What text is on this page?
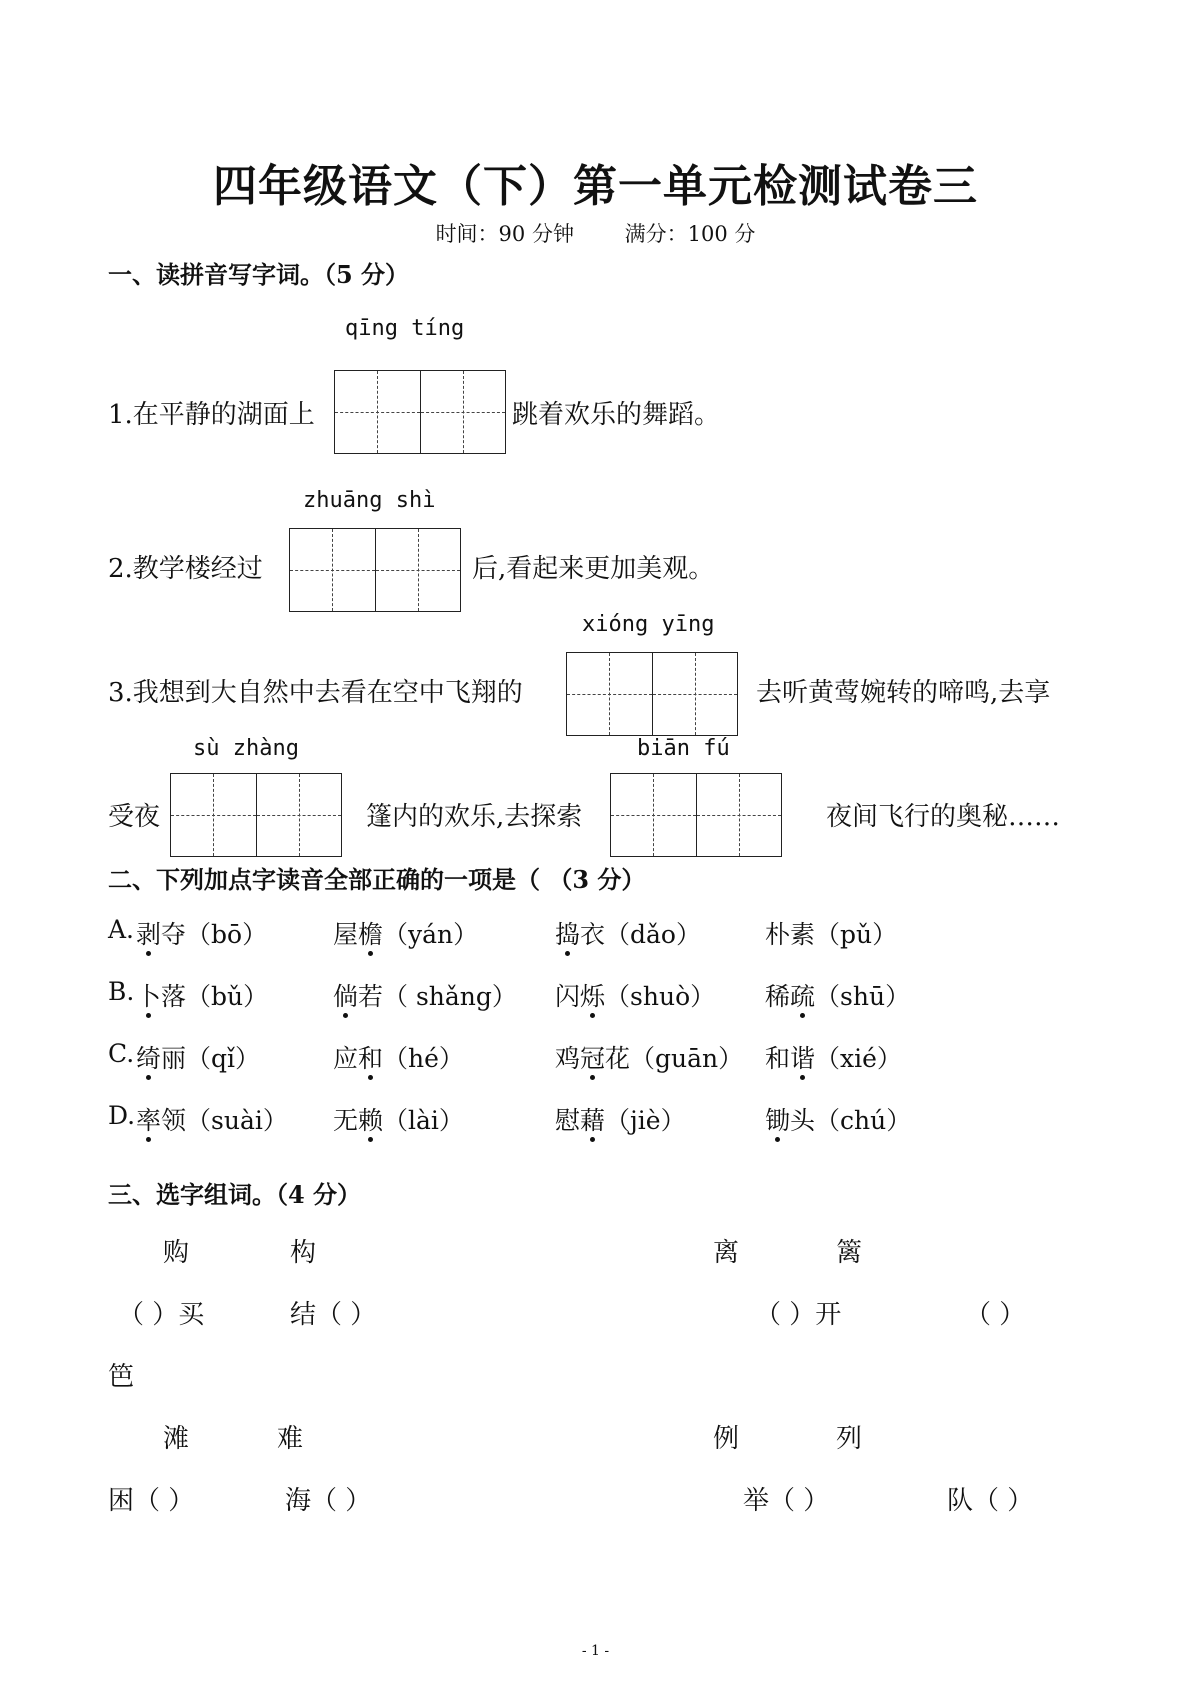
四年级语文（下）第一单元检测试卷三
时间：90 分钟 满分：100 分
一、读拼音写字词。（5 分）
qīng tíng
1.在平静的湖面上	跳着欢乐的舞蹈。
zhuāng shì
2.教学楼经过	后,看起来更加美观。
xióng yīng
3.我想到大自然中去看在空中飞翔的	去听黄莺婉转的啼鸣,去享
sù zhàng	biān fú
受夜	篷内的欢乐,去探索	夜间飞行的奥秘……
二、下列加点字读音全部正确的一项是（ （3 分）
A. 剥夺（bō）	屋檐（yán）	捣衣（dǎo）	朴素（pǔ）
B. 卜落（bǔ）	倘若（ shǎng） 闪烁（shuò） 稀疏（shū）
C. 绮丽（qǐ）	应和（hé）	鸡冠花（guān） 和谐（xié）
D. 率领（suài） 无赖（lài）	慰藉（jiè）	锄头（chú）
三、选字组词。（4 分）
购	构	离	篱
（ ）买	结（ ）	（ ）开	（ ）
笆
滩	难	例	列
困（ ）	海（ ）	举（ ）	队（ ）
- 1 -
